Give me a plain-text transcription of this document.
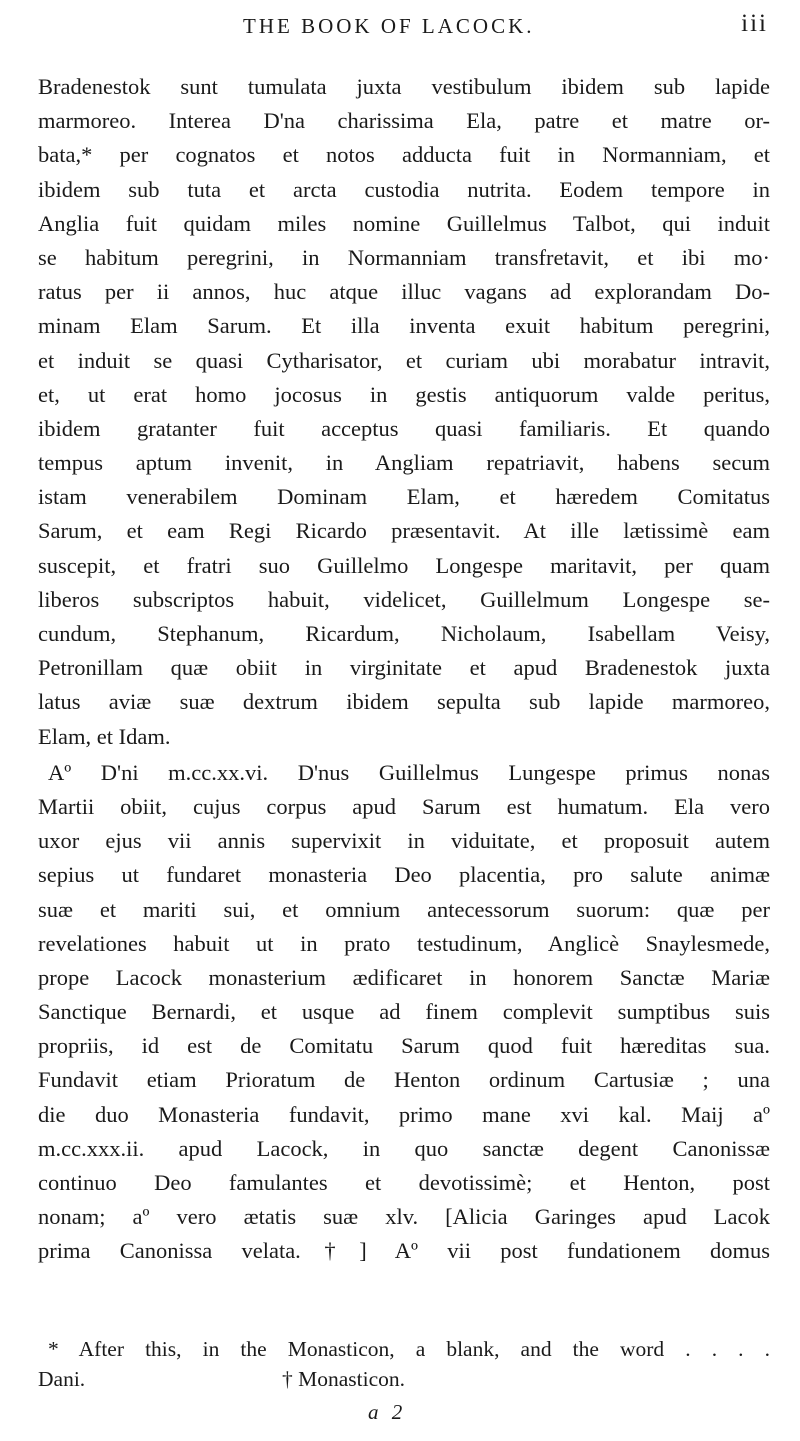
THE BOOK OF LACOCK.	iii
Bradenestok sunt tumulata juxta vestibulum ibidem sub lapide
marmoreo. Interea D'na charissima Ela, patre et matre or-
bata,* per cognatos et notos adducta fuit in Normanniam, et
ibidem sub tuta et arcta custodia nutrita. Eodem tempore in
Anglia fuit quidam miles nomine Guillelmus Talbot, qui induit
se habitum peregrini, in Normanniam transfretavit, et ibi mo·
ratus per ii annos, huc atque illuc vagans ad explorandam Do-
minam Elam Sarum. Et illa inventa exuit habitum peregrini,
et induit se quasi Cytharisator, et curiam ubi morabatur intravit,
et, ut erat homo jocosus in gestis antiquorum valde peritus,
ibidem gratanter fuit acceptus quasi familiaris. Et quando
tempus aptum invenit, in Angliam repatriavit, habens secum
istam venerabilem Dominam Elam, et hæredem Comitatus
Sarum, et eam Regi Ricardo præsentavit. At ille lætissimè eam
suscepit, et fratri suo Guillelmo Longespe maritavit, per quam
liberos subscriptos habuit, videlicet, Guillelmum Longespe se-
cundum, Stephanum, Ricardum, Nicholaum, Isabellam Veisy,
Petronillam quæ obiit in virginitate et apud Bradenestok juxta
latus aviæ suæ dextrum ibidem sepulta sub lapide marmoreo,
Elam, et Idam.
Aº D'ni m.cc.xx.vi. D'nus Guillelmus Lungespe primus nonas
Martii obiit, cujus corpus apud Sarum est humatum. Ela vero
uxor ejus vii annis supervixit in viduitate, et proposuit autem
sepius ut fundaret monasteria Deo placentia, pro salute animæ
suæ et mariti sui, et omnium antecessorum suorum: quæ per
revelationes habuit ut in prato testudinum, Anglicè Snaylesmede,
prope Lacock monasterium ædificaret in honorem Sanctæ Mariæ
Sanctique Bernardi, et usque ad finem complevit sumptibus suis
propriis, id est de Comitatu Sarum quod fuit hæreditas sua.
Fundavit etiam Prioratum de Henton ordinum Cartusiæ ; una
die duo Monasteria fundavit, primo mane xvi kal. Maij aº
m.cc.xxx.ii. apud Lacock, in quo sanctæ degent Canonissæ
continuo Deo famulantes et devotissimè; et Henton, post
nonam; aº vero ætatis suæ xlv. [Alicia Garinges apud Lacok
prima Canonissa velata.†] Aº vii post fundationem domus
* After this, in the Monasticon, a blank, and the word . . . .
Dani.	† Monasticon.
a 2
